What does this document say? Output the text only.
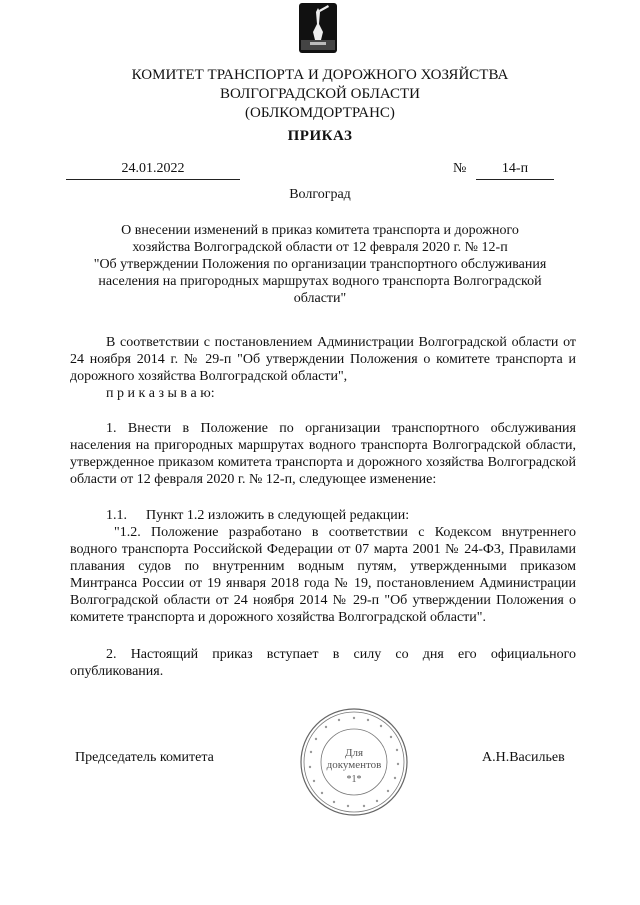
КОМИТЕТ ТРАНСПОРТА И ДОРОЖНОГО ХОЗЯЙСТВА
ВОЛГОГРАДСКОЙ ОБЛАСТИ
(ОБЛКОМДОРТРАНС)
ПРИКАЗ
24.01.2022	№	14-п
Волгоград
О внесении изменений в приказ комитета транспорта и дорожного
хозяйства Волгоградской области от 12 февраля 2020 г. № 12-п
"Об утверждении Положения по организации транспортного обслуживания
населения на пригородных маршрутах водного транспорта Волгоградской
области"
В соответствии с постановлением Администрации Волгоградской области от 24 ноября 2014 г. № 29-п "Об утверждении Положения о комитете транспорта и дорожного хозяйства Волгоградской области",
п р и к а з ы в а ю:
1. Внести в Положение по организации транспортного обслуживания населения на пригородных маршрутах водного транспорта Волгоградской области, утвержденное приказом комитета транспорта и дорожного хозяйства Волгоградской области от 12 февраля 2020 г. № 12-п, следующее изменение:
1.1. Пункт 1.2 изложить в следующей редакции:
"1.2. Положение разработано в соответствии с Кодексом внутреннего водного транспорта Российской Федерации от 07 марта 2001 № 24-ФЗ, Правилами плавания судов по внутренним водным путям, утвержденными приказом Минтранса России от 19 января 2018 года № 19, постановлением Администрации Волгоградской области от 24 ноября 2014 № 29-п "Об утверждении Положения о комитете транспорта и дорожного хозяйства Волгоградской области".
2. Настоящий приказ вступает в силу со дня его официального опубликования.
Председатель комитета	А.Н.Васильев
Для
документов
*1*
